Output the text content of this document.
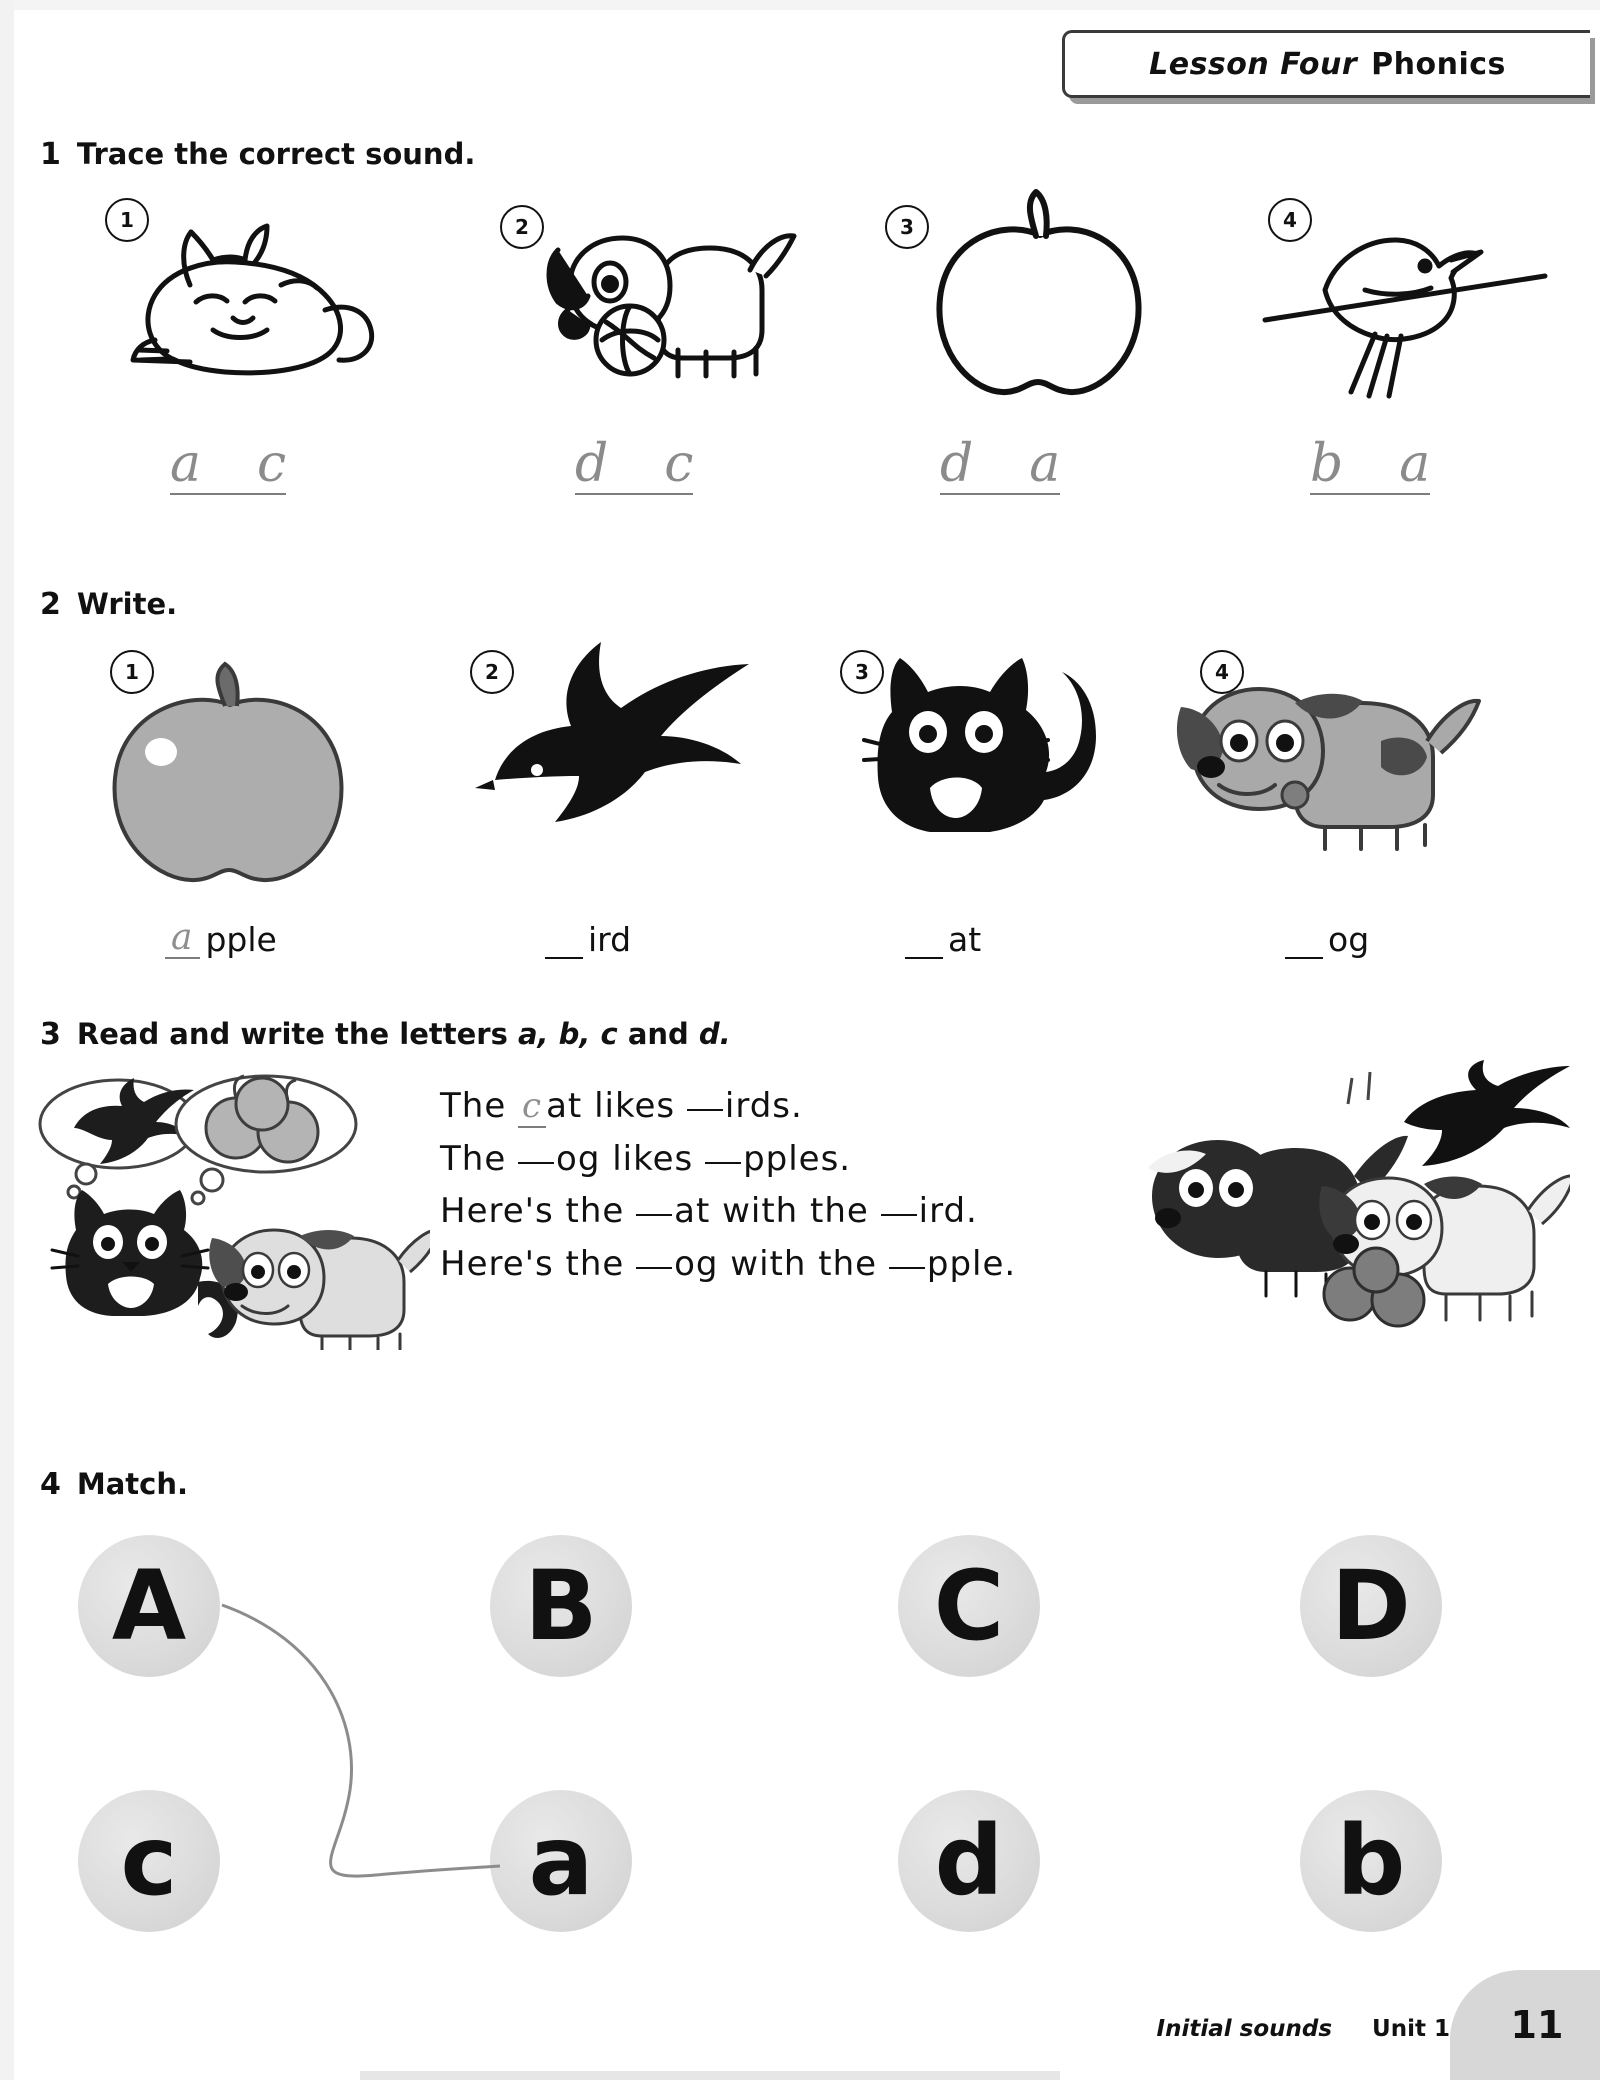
Lesson Four Phonics
1 Trace the correct sound.
1
a c
2
d c
3
d a
4
b a
2 Write.
1
a pple
2
ird
3
at
4
og
3 Read and write the letters a, b, c and d.
The c at likes irds.
The og likes pples.
Here's the at with the ird.
Here's the og with the pple.
4 Match.
A	B	C	D
c	a	d	b
Initial sounds Unit 1 11
